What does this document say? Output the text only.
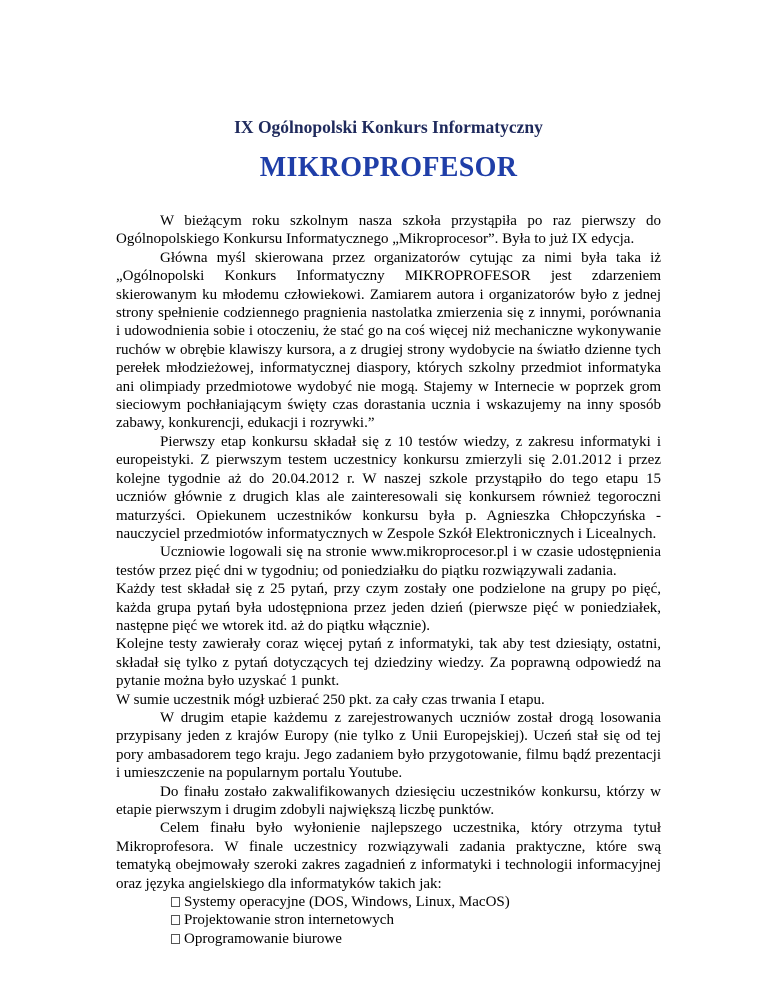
IX Ogólnopolski Konkurs Informatyczny
MIKROPROFESOR

W bieżącym roku szkolnym nasza szkoła przystąpiła po raz pierwszy do Ogólnopolskiego Konkursu Informatycznego „Mikroprocesor”. Była to już IX edycja.

Główna myśl skierowana przez organizatorów cytując za nimi była taka iż „Ogólnopolski Konkurs Informatyczny MIKROPROFESOR jest zdarzeniem skierowanym ku młodemu człowiekowi. Zamiarem autora i organizatorów było z jednej strony spełnienie codziennego pragnienia nastolatka zmierzenia się z innymi, porównania i udowodnienia sobie i otoczeniu, że stać go na coś więcej niż mechaniczne wykonywanie ruchów w obrębie klawiszy kursora, a z drugiej strony wydobycie na światło dzienne tych perełek młodzieżowej, informatycznej diaspory, których szkolny przedmiot informatyka ani olimpiady przedmiotowe wydobyć nie mogą. Stajemy w Internecie w poprzek grom sieciowym pochłaniającym święty czas dorastania ucznia i wskazujemy na inny sposób zabawy, konkurencji, edukacji i rozrywki.”

Pierwszy etap konkursu składał się z 10 testów wiedzy, z zakresu informatyki i europeistyki. Z pierwszym testem uczestnicy konkursu zmierzyli się 2.01.2012 i przez kolejne tygodnie aż do 20.04.2012 r. W naszej szkole przystąpiło do tego etapu 15 uczniów głównie z drugich klas ale zainteresowali się konkursem również tegoroczni maturzyści. Opiekunem uczestników konkursu była p. Agnieszka Chłopczyńska - nauczyciel przedmiotów informatycznych w Zespole Szkół Elektronicznych i Licealnych.

Uczniowie logowali się na stronie www.mikroprocesor.pl i w czasie udostępnienia testów przez pięć dni w tygodniu; od poniedziałku do piątku rozwiązywali zadania.

Każdy test składał się z 25 pytań, przy czym zostały one podzielone na grupy po pięć, każda grupa pytań była udostępniona przez jeden dzień (pierwsze pięć w poniedziałek, następne pięć we wtorek itd. aż do piątku włącznie).

Kolejne testy zawierały coraz więcej pytań z informatyki, tak aby test dziesiąty, ostatni, składał się tylko z pytań dotyczących tej dziedziny wiedzy. Za poprawną odpowiedź na pytanie można było uzyskać 1 punkt.

W sumie uczestnik mógł uzbierać 250 pkt. za cały czas trwania I etapu.

W drugim etapie każdemu z zarejestrowanych uczniów został drogą losowania przypisany jeden z krajów Europy (nie tylko z Unii Europejskiej). Uczeń stał się od tej pory ambasadorem tego kraju. Jego zadaniem było przygotowanie, filmu bądź prezentacji i umieszczenie na popularnym portalu Youtube.

Do finału zostało zakwalifikowanych dziesięciu uczestników konkursu, którzy w etapie pierwszym i drugim zdobyli największą liczbę punktów.

Celem finału było wyłonienie najlepszego uczestnika, który otrzyma tytuł Mikroprofesora. W finale uczestnicy rozwiązywali zadania praktyczne, które swą tematyką obejmowały szeroki zakres zagadnień z informatyki i technologii informacyjnej oraz języka angielskiego dla informatyków takich jak:

Systemy operacyjne (DOS, Windows, Linux, MacOS)
Projektowanie stron internetowych
Oprogramowanie biurowe
